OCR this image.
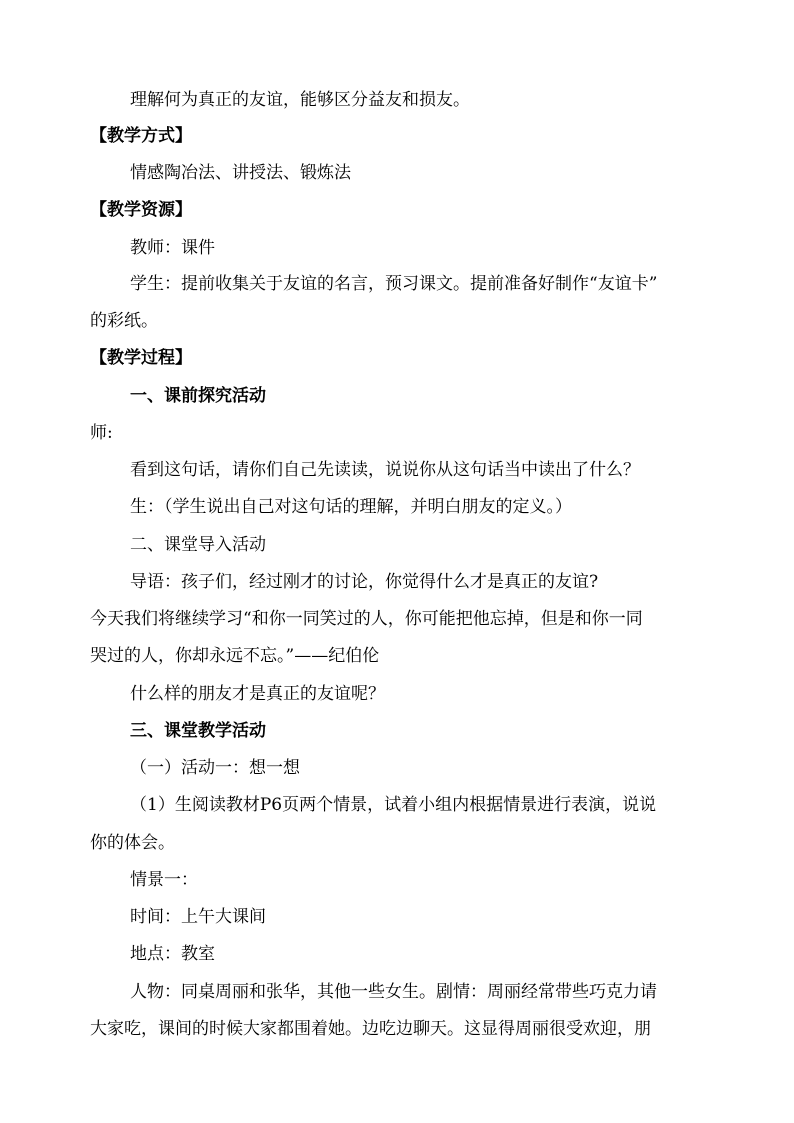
理解何为真正的友谊，能够区分益友和损友。
【教学方式】
情感陶冶法、讲授法、锻炼法
【教学资源】
教师：课件
学生：提前收集关于友谊的名言，预习课文。提前准备好制作“友谊卡”
的彩纸。
【教学过程】
一、课前探究活动
师:
看到这句话，请你们自己先读读，说说你从这句话当中读出了什么？
生：（学生说出自己对这句话的理解，并明白朋友的定义。）
二、课堂导入活动
导语：孩子们，经过刚才的讨论，你觉得什么才是真正的友谊?
今天我们将继续学习“和你一同笑过的人，你可能把他忘掉，但是和你一同
哭过的人，你却永远不忘。”——纪伯伦
什么样的朋友才是真正的友谊呢？
三、课堂教学活动
（一）活动一：想一想
（1）生阅读教材P6页两个情景，试着小组内根据情景进行表演，说说
你的体会。
情景一：
时间：上午大课间
地点：教室
人物：同桌周丽和张华，其他一些女生。剧情：周丽经常带些巧克力请
大家吃，课间的时候大家都围着她。边吃边聊天。这显得周丽很受欢迎，朋
